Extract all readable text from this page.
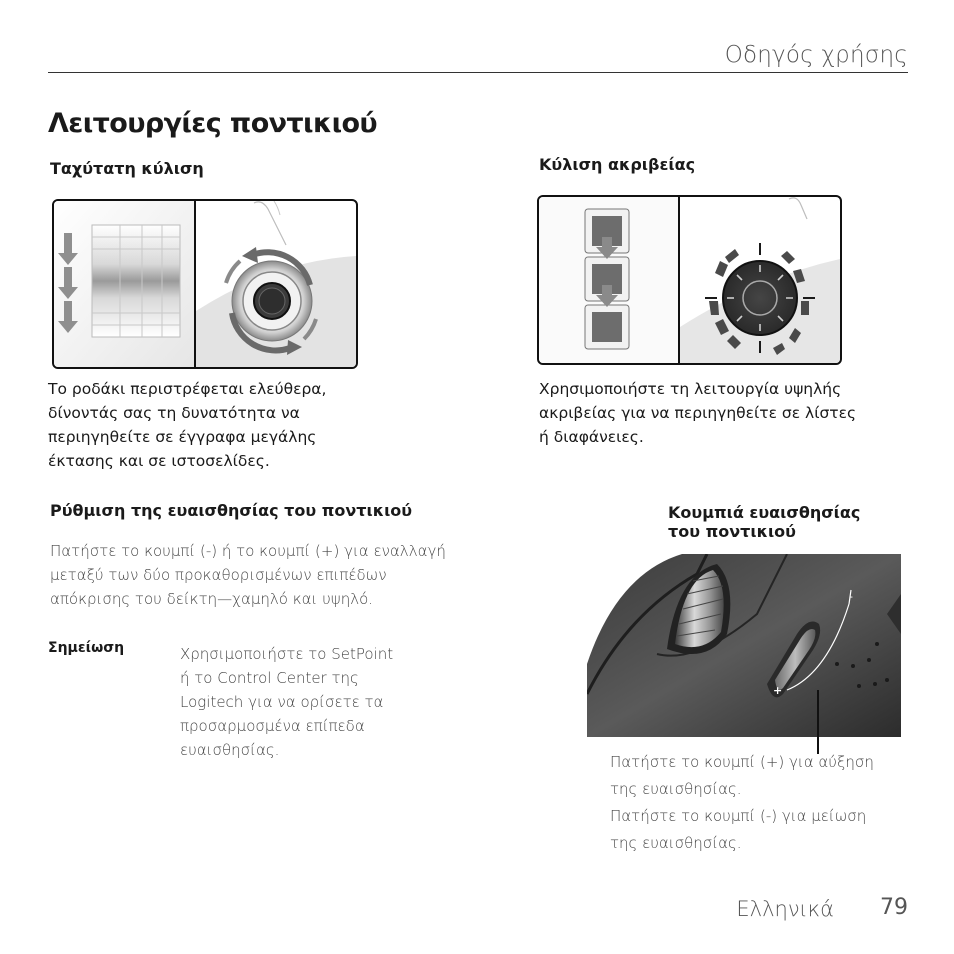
Οδηγός χρήσης
Λειτουργίες ποντικιού
Ταχύτατη κύλιση
Το ροδάκι περιστρέφεται ελεύθερα,
δίνοντάς σας τη δυνατότητα να
περιηγηθείτε σε έγγραφα μεγάλης
έκτασης και σε ιστοσελίδες.
Κύλιση ακριβείας
Χρησιμοποιήστε τη λειτουργία υψηλής
ακριβείας για να περιηγηθείτε σε λίστες
ή διαφάνειες.
Ρύθμιση της ευαισθησίας του ποντικιού
Πατήστε το κουμπί (-) ή το κουμπί (+) για εναλλαγή
μεταξύ των δύο προκαθορισμένων επιπέδων
απόκρισης του δείκτη—χαμηλό και υψηλό.
Σημείωση	Χρησιμοποιήστε το SetPoint
ή το Control Center της
Logitech για να ορίσετε τα
προσαρμοσμένα επίπεδα
ευαισθησίας.
Κουμπιά ευαισθησίας
του ποντικιού
+
-
Πατήστε το κουμπί (+) για αύξηση
της ευαισθησίας.
Πατήστε το κουμπί (-) για μείωση
της ευαισθησίας.
Ελληνικά 79
